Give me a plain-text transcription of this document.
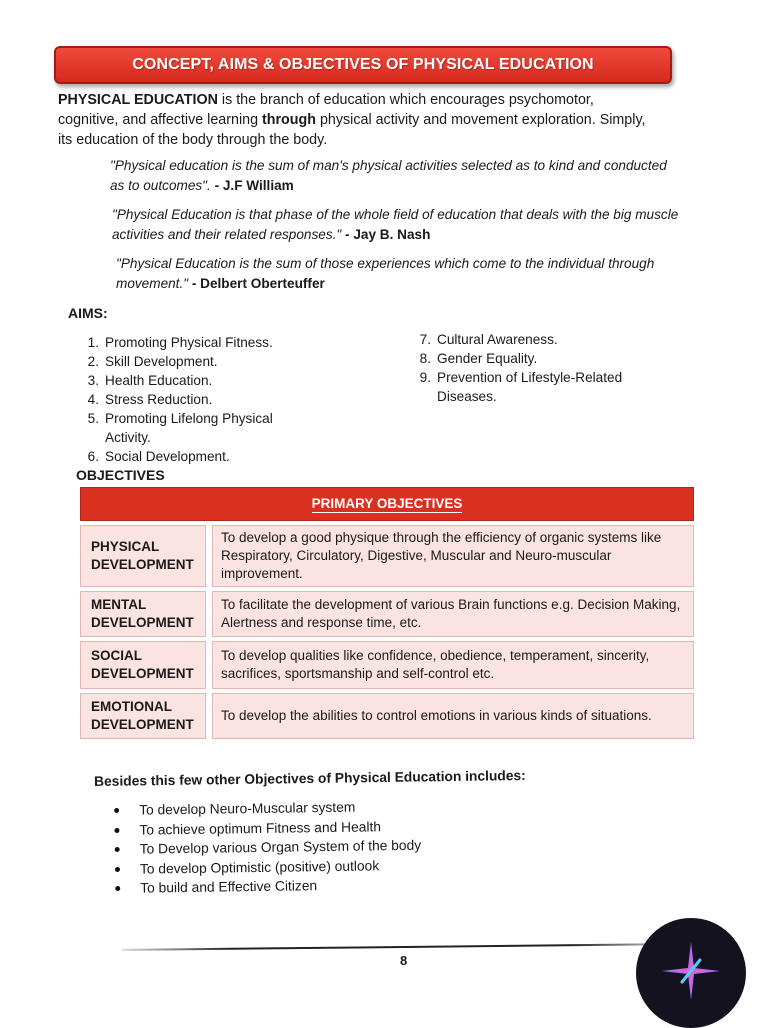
CONCEPT, AIMS & OBJECTIVES OF PHYSICAL EDUCATION
PHYSICAL EDUCATION is the branch of education which encourages psychomotor, cognitive, and affective learning through physical activity and movement exploration. Simply, its education of the body through the body.
"Physical education is the sum of man's physical activities selected as to kind and conducted as to outcomes". - J.F William
"Physical Education is that phase of the whole field of education that deals with the big muscle activities and their related responses." - Jay B. Nash
"Physical Education is the sum of those experiences which come to the individual through movement." - Delbert Oberteuffer
AIMS:
1. Promoting Physical Fitness.
2. Skill Development.
3. Health Education.
4. Stress Reduction.
5. Promoting Lifelong Physical Activity.
6. Social Development.
7. Cultural Awareness.
8. Gender Equality.
9. Prevention of Lifestyle-Related Diseases.
OBJECTIVES
PRIMARY OBJECTIVES
PHYSICAL DEVELOPMENT
To develop a good physique through the efficiency of organic systems like Respiratory, Circulatory, Digestive, Muscular and Neuro-muscular improvement.
MENTAL DEVELOPMENT
To facilitate the development of various Brain functions e.g. Decision Making, Alertness and response time, etc.
SOCIAL DEVELOPMENT
To develop qualities like confidence, obedience, temperament, sincerity, sacrifices, sportsmanship and self-control etc.
EMOTIONAL DEVELOPMENT
To develop the abilities to control emotions in various kinds of situations.
Besides this few other Objectives of Physical Education includes:
To develop Neuro-Muscular system
To achieve optimum Fitness and Health
To Develop various Organ System of the body
To develop Optimistic (positive) outlook
To build and Effective Citizen
8
